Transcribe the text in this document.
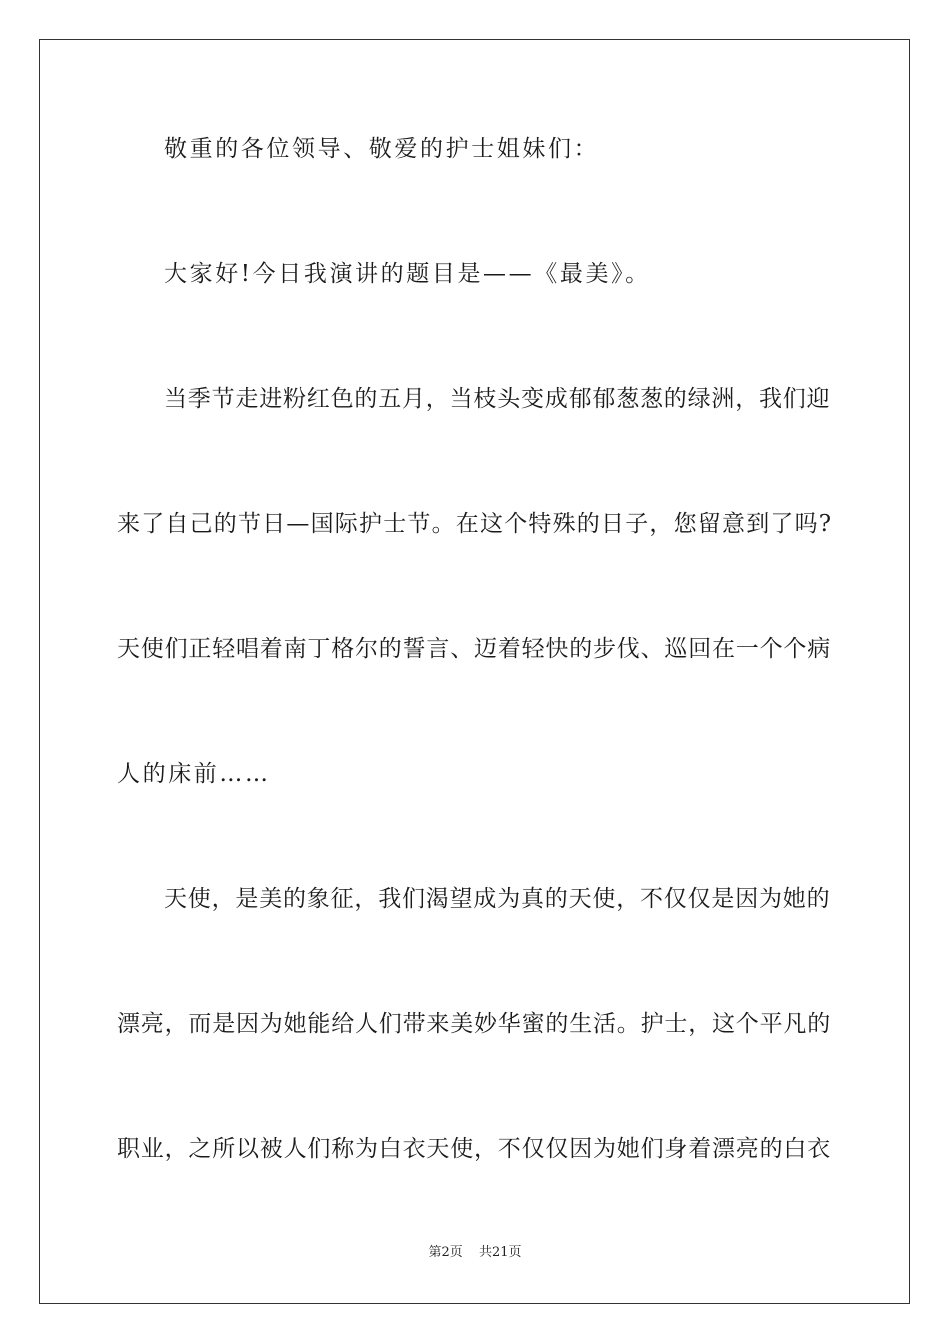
敬重的各位领导、敬爱的护士姐妹们：
大家好!今日我演讲的题目是——《最美》。
当季节走进粉红色的五月，当枝头变成郁郁葱葱的绿洲，我们迎
来了自己的节日—国际护士节。在这个特殊的日子，您留意到了吗?
天使们正轻唱着南丁格尔的誓言、迈着轻快的步伐、巡回在一个个病
人的床前……
天使，是美的象征，我们渴望成为真的天使，不仅仅是因为她的
漂亮，而是因为她能给人们带来美妙华蜜的生活。护士，这个平凡的
职业，之所以被人们称为白衣天使，不仅仅因为她们身着漂亮的白衣
第2页 共21页
